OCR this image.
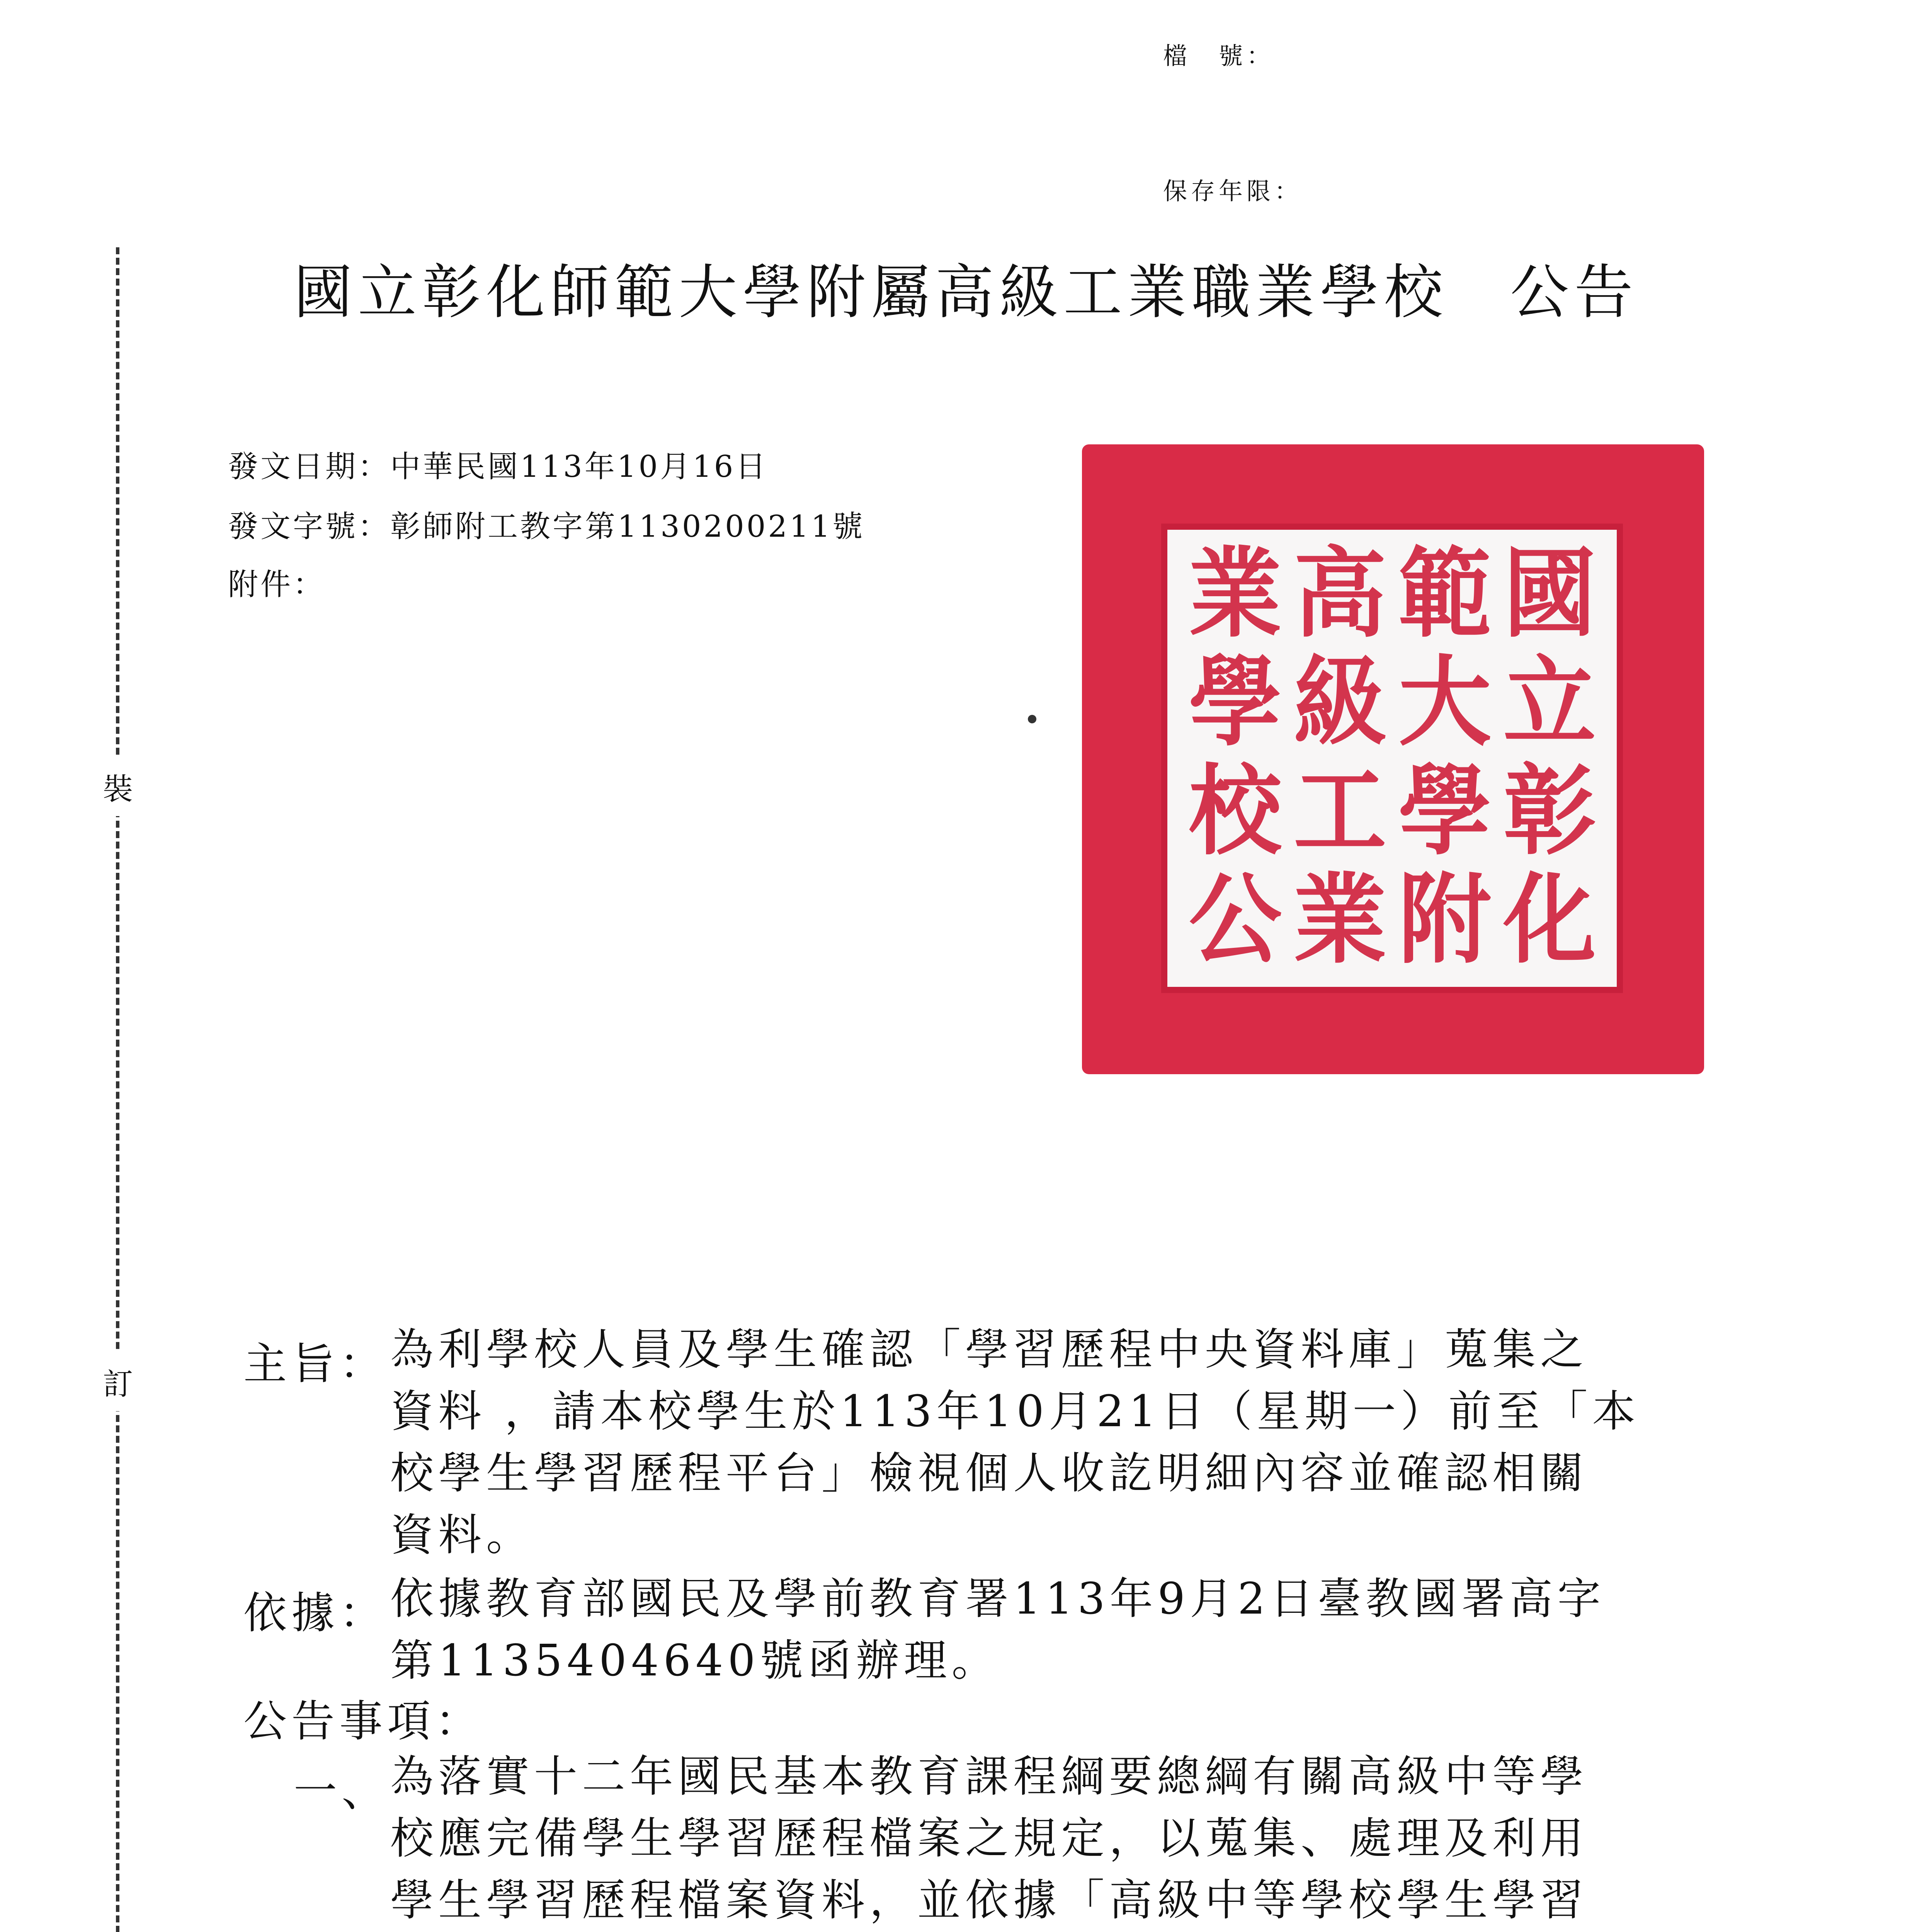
檔　號：
保存年限：
裝
訂
國立彰化師範大學附屬高級工業職業學校 公告
發文日期：中華民國113年10月16日
發文字號：彰師附工教字第1130200211號
附件：	國
範
高
業
立
大
級
學
彰
學
工
校
化
附
業
公
主旨： 為利學校人員及學生確認「學習歷程中央資料庫」蒐集之
資料 ，請本校學生於113年10月21日（星期一）前至「本
校學生學習歷程平台」檢視個人收訖明細內容並確認相關
資料。
依據： 依據教育部國民及學前教育署113年9月2日臺教國署高字
第1135404640號函辦理。
公告事項：
一、 為落實十二年國民基本教育課程綱要總綱有關高級中等學
校應完備學生學習歷程檔案之規定，以蒐集、處理及利用
學生學習歷程檔案資料，並依據「高級中等學校學生學習
